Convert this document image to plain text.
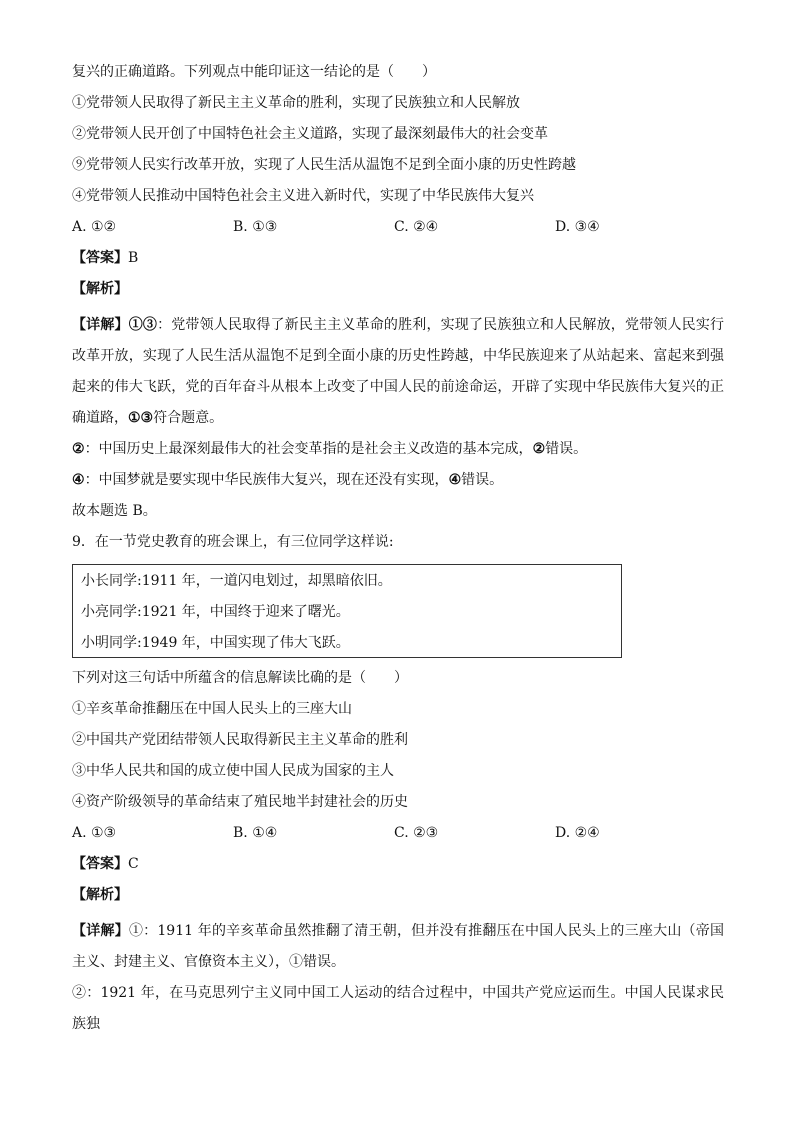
复兴的正确道路。下列观点中能印证这一结论的是（　　）
①党带领人民取得了新民主主义革命的胜利，实现了民族独立和人民解放
②党带领人民开创了中国特色社会主义道路，实现了最深刻最伟大的社会变革
⑨党带领人民实行改革开放，实现了人民生活从温饱不足到全面小康的历史性跨越
④党带领人民推动中国特色社会主义进入新时代，实现了中华民族伟大复兴
A. ①②	B. ①③	C. ②④	D. ③④
【答案】B
【解析】

【详解】①③：党带领人民取得了新民主主义革命的胜利，实现了民族独立和人民解放，党带领人民实行改革开放，实现了人民生活从温饱不足到全面小康的历史性跨越，中华民族迎来了从站起来、富起来到强起来的伟大飞跃，党的百年奋斗从根本上改变了中国人民的前途命运，开辟了实现中华民族伟大复兴的正确道路，①③符合题意。

②：中国历史上最深刻最伟大的社会变革指的是社会主义改造的基本完成，②错误。

④：中国梦就是要实现中华民族伟大复兴，现在还没有实现，④错误。

故本题选 B。

9．在一节党史教育的班会课上，有三位同学这样说:

小长同学:1911 年，一道闪电划过，却黑暗依旧。
小亮同学:1921 年，中国终于迎来了曙光。
小明同学:1949 年，中国实现了伟大飞跃。
下列对这三句话中所蕴含的信息解读比确的是（　　）
①辛亥革命推翻压在中国人民头上的三座大山
②中国共产党团结带领人民取得新民主主义革命的胜利
③中华人民共和国的成立使中国人民成为国家的主人
④资产阶级领导的革命结束了殖民地半封建社会的历史
A. ①③	B. ①④	C. ②③	D. ②④
【答案】C
【解析】

【详解】①：1911 年的辛亥革命虽然推翻了清王朝，但并没有推翻压在中国人民头上的三座大山（帝国主义、封建主义、官僚资本主义），①错误。

②：1921 年，在马克思列宁主义同中国工人运动的结合过程中，中国共产党应运而生。中国人民谋求民族独
